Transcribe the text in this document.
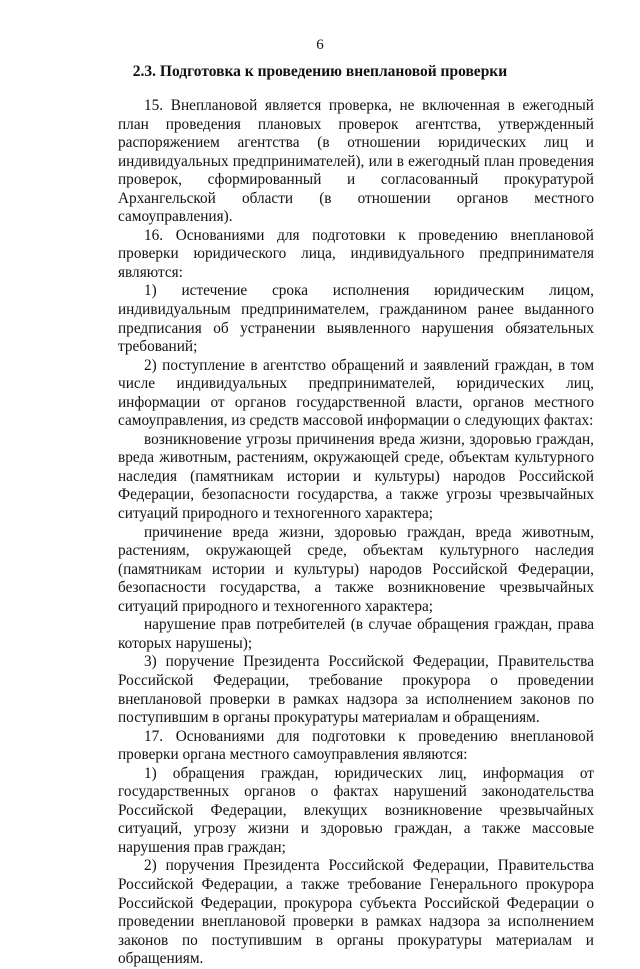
6
2.3. Подготовка к проведению внеплановой проверки

15. Внеплановой является проверка, не включенная в ежегодный план проведения плановых проверок агентства, утвержденный распоряжением агентства (в отношении юридических лиц и индивидуальных предпринимателей), или в ежегодный план проведения проверок, сформированный и согласованный прокуратурой Архангельской области (в отношении органов местного самоуправления).

16. Основаниями для подготовки к проведению внеплановой проверки юридического лица, индивидуального предпринимателя являются:

1) истечение срока исполнения юридическим лицом, индивидуальным предпринимателем, гражданином ранее выданного предписания об устранении выявленного нарушения обязательных требований;

2) поступление в агентство обращений и заявлений граждан, в том числе индивидуальных предпринимателей, юридических лиц, информации от органов государственной власти, органов местного самоуправления, из средств массовой информации о следующих фактах:

возникновение угрозы причинения вреда жизни, здоровью граждан, вреда животным, растениям, окружающей среде, объектам культурного наследия (памятникам истории и культуры) народов Российской Федерации, безопасности государства, а также угрозы чрезвычайных ситуаций природного и техногенного характера;

причинение вреда жизни, здоровью граждан, вреда животным, растениям, окружающей среде, объектам культурного наследия (памятникам истории и культуры) народов Российской Федерации, безопасности государства, а также возникновение чрезвычайных ситуаций природного и техногенного характера;

нарушение прав потребителей (в случае обращения граждан, права которых нарушены);

3) поручение Президента Российской Федерации, Правительства Российской Федерации, требование прокурора о проведении внеплановой проверки в рамках надзора за исполнением законов по поступившим в органы прокуратуры материалам и обращениям.

17. Основаниями для подготовки к проведению внеплановой проверки органа местного самоуправления являются:

1) обращения граждан, юридических лиц, информация от государственных органов о фактах нарушений законодательства Российской Федерации, влекущих возникновение чрезвычайных ситуаций, угрозу жизни и здоровью граждан, а также массовые нарушения прав граждан;

2) поручения Президента Российской Федерации, Правительства Российской Федерации, а также требование Генерального прокурора Российской Федерации, прокурора субъекта Российской Федерации о проведении внеплановой проверки в рамках надзора за исполнением законов по поступившим в органы прокуратуры материалам и обращениям.
